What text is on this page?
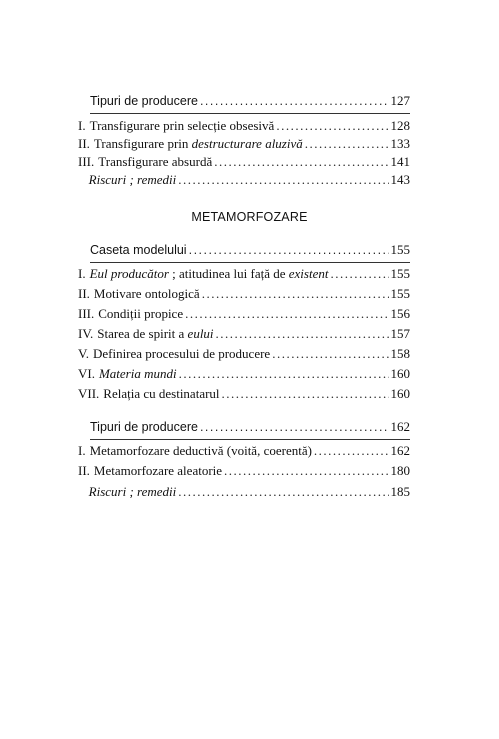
Tipuri de producere .....	127
I. Transfigurare prin selecție obsesivă .....	128
II. Transfigurare prin destructurare aluzivă .....	133
III. Transfigurare absurdă .....	141
Riscuri ; remedii .....	143
METAMORFOZARE
Caseta modelului .....	155
I. Eul producător ; atitudinea lui față de existent .....	155
II. Motivare ontologică .....	155
III. Condiții propice .....	156
IV. Starea de spirit a eului .....	157
V. Definirea procesului de producere .....	158
VI. Materia mundi .....	160
VII. Relația cu destinatarul .....	160
Tipuri de producere .....	162
I. Metamorfozare deductivă (voită, coerentă) .....	162
II. Metamorfozare aleatorie .....	180
Riscuri ; remedii .....	185
